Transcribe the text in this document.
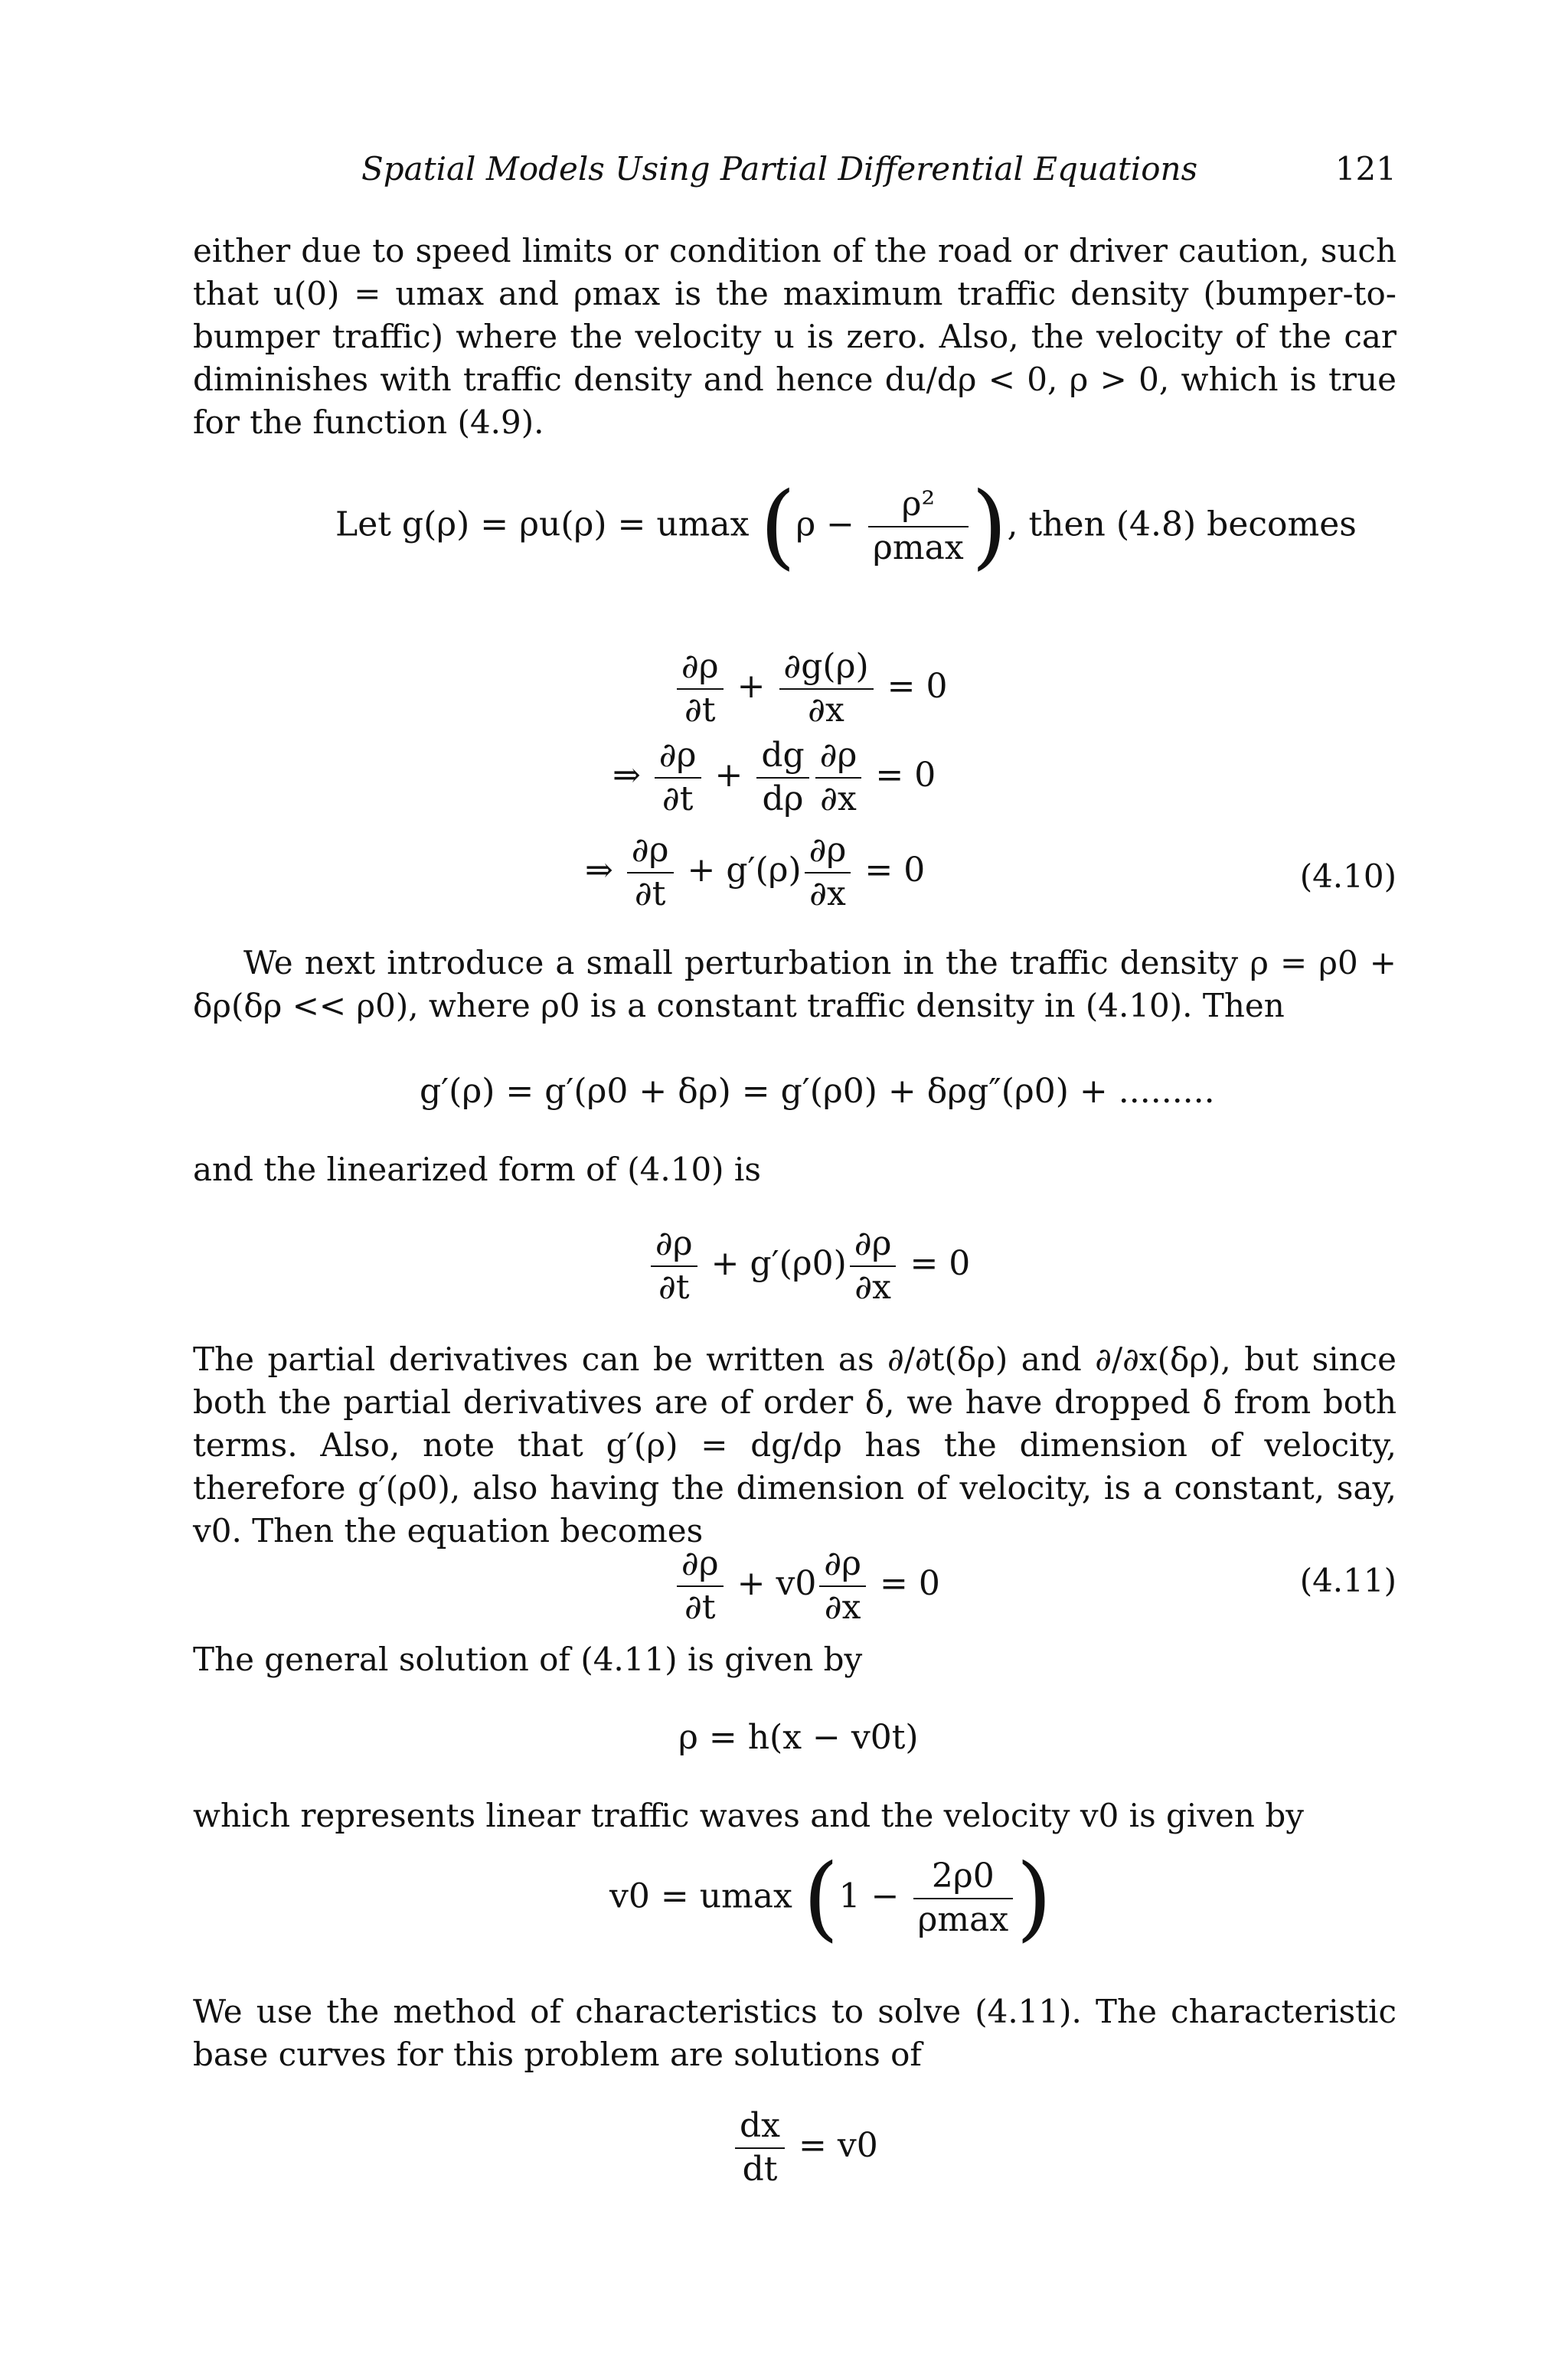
Spatial Models Using Partial Differential Equations	121

either due to speed limits or condition of the road or driver caution, such that u(0) = umax and ρmax is the maximum traffic density (bumper-to-bumper traffic) where the velocity u is zero. Also, the velocity of the car diminishes with traffic density and hence du/dρ < 0, ρ > 0, which is true for the function (4.9).

Let g(ρ) = ρu(ρ) = umax ($\rho - \frac{\text{ρ²}}{\rho\max}$ ), then (4.8) becomes
$\frac{\partial\rho}{\partial t} + \frac{\partial g(\rho)}{\partial x} = 0$
⇒ $\frac{\partial\rho}{\partial t} + \frac{dg}{d\rho} \frac{\partial\rho}{\partial x} = 0$
⇒ $\frac{\partial\rho}{\partial t} + g'(\rho) \frac{\partial\rho}{\partial x} = 0$	(4.10)

We next introduce a small perturbation in the traffic density ρ = ρ0 + δρ(δρ << ρ0), where ρ0 is a constant traffic density in (4.10). Then

g′(ρ) = g′(ρ0 + δρ) = g′(ρ0) + δρg″(ρ0) + .........

and the linearized form of (4.10) is

$\frac{\partial\rho}{\partial t} + g'(\rho 0) \frac{\partial\rho}{\partial x} = 0$

The partial derivatives can be written as ∂/∂t(δρ) and ∂/∂x(δρ), but since both the partial derivatives are of order δ, we have dropped δ from both terms. Also, note that g′(ρ) = dg/dρ has the dimension of velocity, therefore g′(ρ0), also having the dimension of velocity, is a constant, say, v0. Then the equation becomes

$\frac{\partial\rho}{\partial t} + v0 \frac{\partial\rho}{\partial x} = 0$	(4.11)

The general solution of (4.11) is given by

ρ = h(x − v0t)

which represents linear traffic waves and the velocity v0 is given by

v0 = umax ($1 - \frac{2\rho 0}{\rho\max}$ )

We use the method of characteristics to solve (4.11). The characteristic base curves for this problem are solutions of

$\frac{dx}{dt} = v0$
